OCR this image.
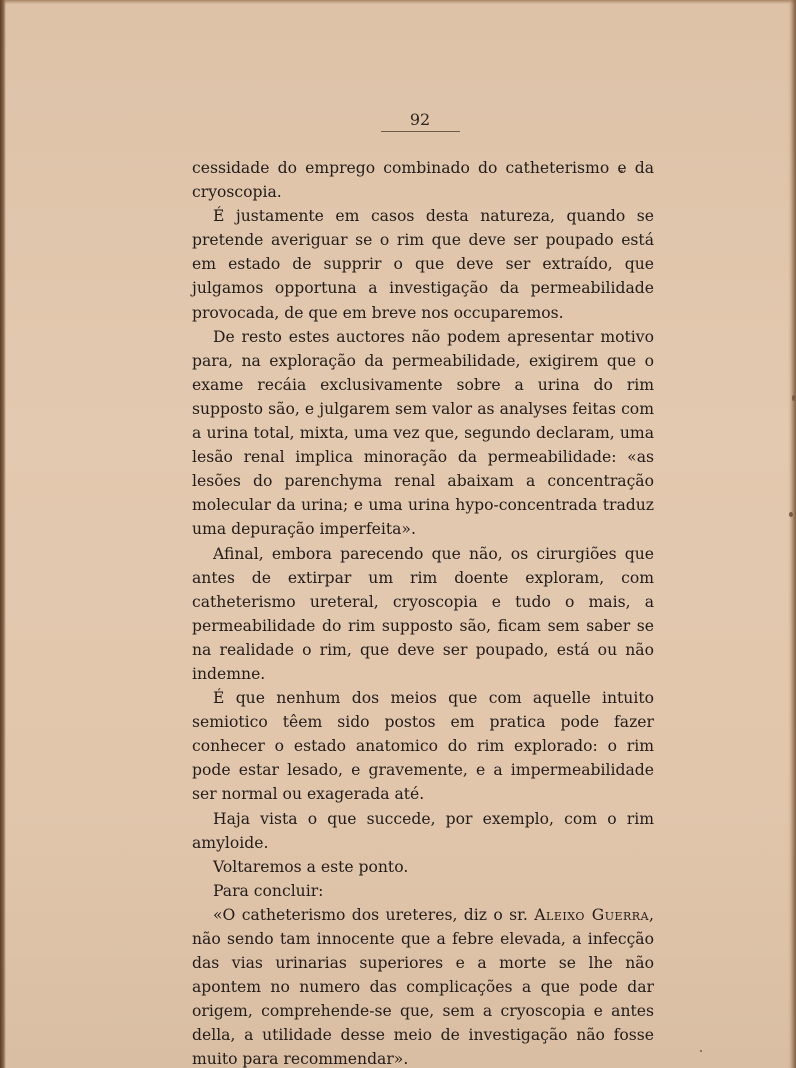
92

cessidade do emprego combinado do catheterismo e da cryoscopia.

É justamente em casos desta natureza, quando se pretende averiguar se o rim que deve ser poupado está em estado de supprir o que deve ser extraído, que julgamos opportuna a investigação da permeabilidade provocada, de que em breve nos occuparemos.

De resto estes auctores não podem apresentar motivo para, na exploração da permeabilidade, exigirem que o exame recáia exclusivamente sobre a urina do rim supposto são, e julgarem sem valor as analyses feitas com a urina total, mixta, uma vez que, segundo declaram, uma lesão renal implica minoração da permeabilidade: «as lesões do parenchyma renal abaixam a concentração molecular da urina; e uma urina hypo-concentrada traduz uma depuração imperfeita».

Afinal, embora parecendo que não, os cirurgiões que antes de extirpar um rim doente exploram, com catheterismo ureteral, cryoscopia e tudo o mais, a permeabilidade do rim supposto são, ficam sem saber se na realidade o rim, que deve ser poupado, está ou não indemne.

É que nenhum dos meios que com aquelle intuito semiotico têem sido postos em pratica pode fazer conhecer o estado anatomico do rim explorado: o rim pode estar lesado, e gravemente, e a impermeabilidade ser normal ou exagerada até.

Haja vista o que succede, por exemplo, com o rim amyloide.

Voltaremos a este ponto.

Para concluir:

«O catheterismo dos ureteres, diz o sr. Aleixo Guerra, não sendo tam innocente que a febre elevada, a infecção das vias urinarias superiores e a morte se lhe não apontem no numero das complicações a que pode dar origem, comprehende-se que, sem a cryoscopia e antes della, a utilidade desse meio de investigação não fosse muito para recommendar».
